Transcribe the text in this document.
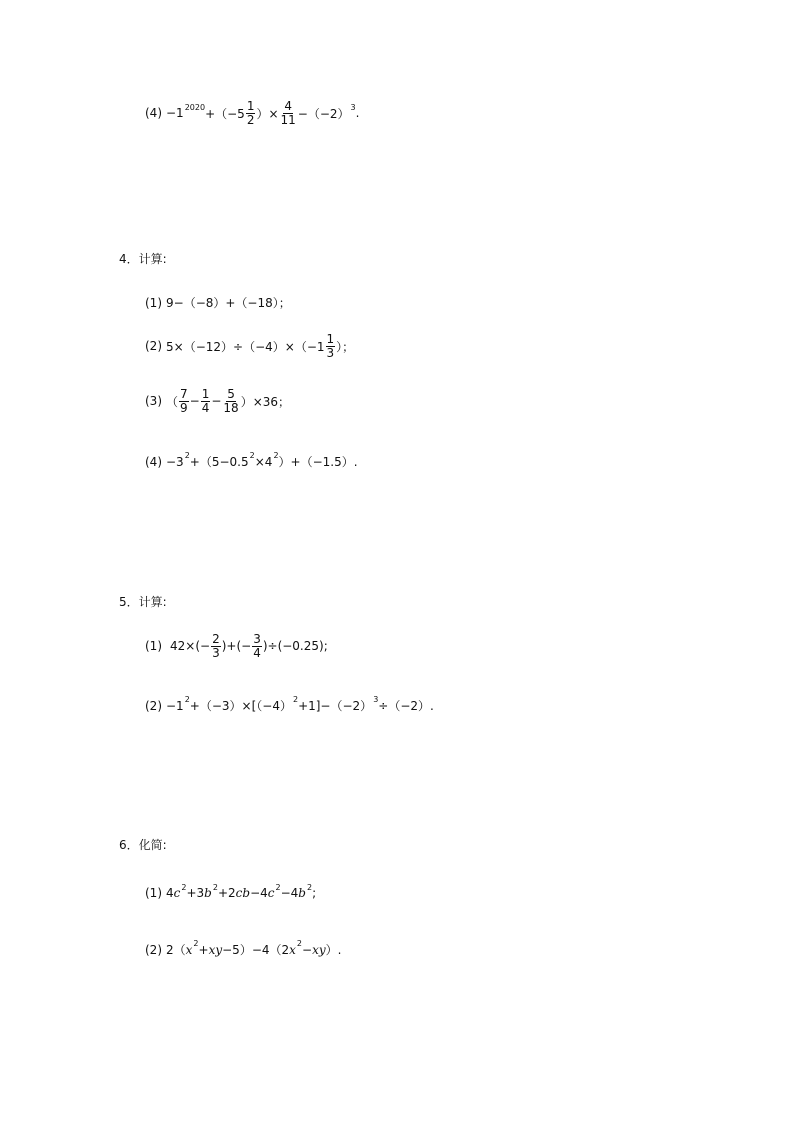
(4) −1 $2020 +(-5 \frac{1}{2}$ ）× $\frac{4}{11} -(-2)$ 3 .
4．计算:
(1) 9−（−8）+（−18）；
(2) $5\times(-12)\div(-4)\times(-1 \frac{1}{3}$ ）；
(3) （ $\frac{7}{9} - \frac{1}{4} - \frac{5}{18} )\times 36$；
(4) −3 2 +（5−0.5 2 ×4 2 ）+（−1.5）.
5．计算:
(1) $42\times(- \frac{2}{3}$ )+(− $\frac{3}{4} )\div(-0.25)$;
(2) −1 2 +（−3）×[（−4） 2 +1]−（−2） 3 ÷（−2）.
6．化简:
(1) 4 c 2 +3 b 2 +2 cb −4 c 2 −4 b 2 ;
(2) 2（ x 2 + xy −5）−4（2 x 2 − xy ）.
